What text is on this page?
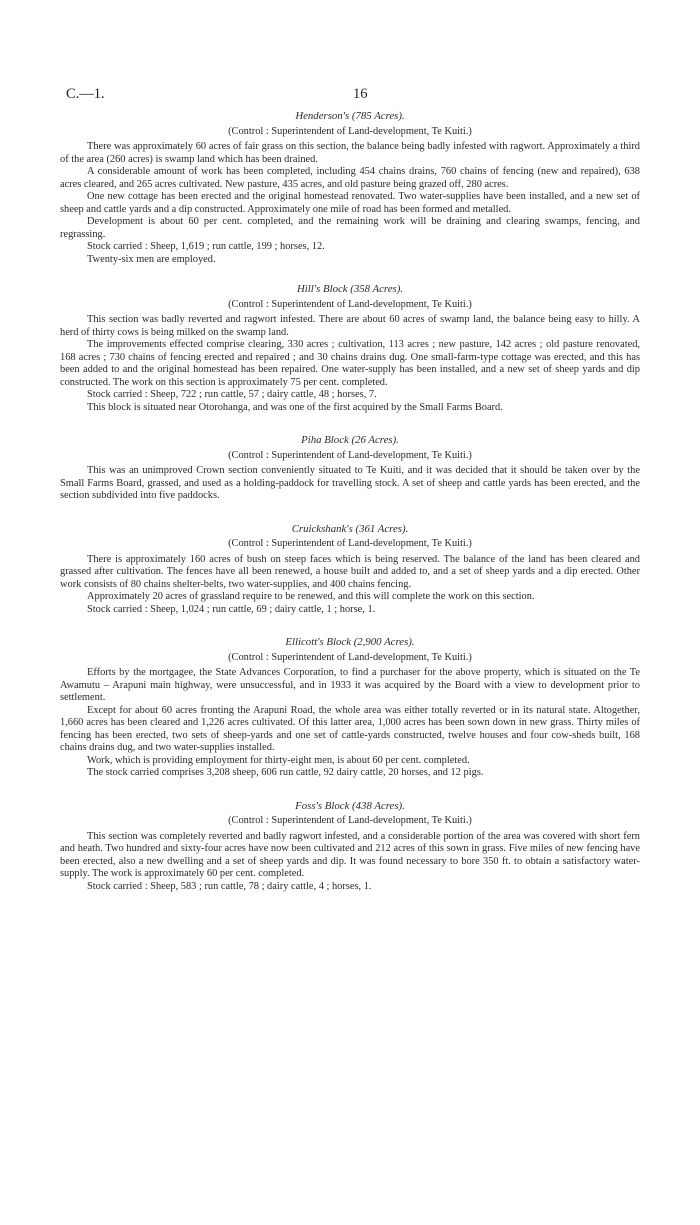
C.—1.	16
Henderson's (785 Acres).
(Control : Superintendent of Land-development, Te Kuiti.)

There was approximately 60 acres of fair grass on this section, the balance being badly infested with ragwort. Approximately a third of the area (260 acres) is swamp land which has been drained.

A considerable amount of work has been completed, including 454 chains drains, 760 chains of fencing (new and repaired), 638 acres cleared, and 265 acres cultivated. New pasture, 435 acres, and old pasture being grazed off, 280 acres.

One new cottage has been erected and the original homestead renovated. Two water-supplies have been installed, and a new set of sheep and cattle yards and a dip constructed. Approximately one mile of road has been formed and metalled.

Development is about 60 per cent. completed, and the remaining work will be draining and clearing swamps, fencing, and regrassing.

Stock carried : Sheep, 1,619 ; run cattle, 199 ; horses, 12.

Twenty-six men are employed.

Hill's Block (358 Acres).
(Control : Superintendent of Land-development, Te Kuiti.)

This section was badly reverted and ragwort infested. There are about 60 acres of swamp land, the balance being easy to hilly. A herd of thirty cows is being milked on the swamp land.

The improvements effected comprise clearing, 330 acres ; cultivation, 113 acres ; new pasture, 142 acres ; old pasture renovated, 168 acres ; 730 chains of fencing erected and repaired ; and 30 chains drains dug. One small-farm-type cottage was erected, and this has been added to and the original homestead has been repaired. One water-supply has been installed, and a new set of sheep yards and dip constructed. The work on this section is approximately 75 per cent. completed.

Stock carried : Sheep, 722 ; run cattle, 57 ; dairy cattle, 48 ; horses, 7.

This block is situated near Otorohanga, and was one of the first acquired by the Small Farms Board.

Piha Block (26 Acres).
(Control : Superintendent of Land-development, Te Kuiti.)

This was an unimproved Crown section conveniently situated to Te Kuiti, and it was decided that it should be taken over by the Small Farms Board, grassed, and used as a holding-paddock for travelling stock. A set of sheep and cattle yards has been erected, and the section subdivided into five paddocks.

Cruickshank's (361 Acres).
(Control : Superintendent of Land-development, Te Kuiti.)

There is approximately 160 acres of bush on steep faces which is being reserved. The balance of the land has been cleared and grassed after cultivation. The fences have all been renewed, a house built and added to, and a set of sheep yards and a dip erected. Other work consists of 80 chains shelter-belts, two water-supplies, and 400 chains fencing.

Approximately 20 acres of grassland require to be renewed, and this will complete the work on this section.

Stock carried : Sheep, 1,024 ; run cattle, 69 ; dairy cattle, 1 ; horse, 1.

Ellicott's Block (2,900 Acres).
(Control : Superintendent of Land-development, Te Kuiti.)

Efforts by the mortgagee, the State Advances Corporation, to find a purchaser for the above property, which is situated on the Te Awamutu – Arapuni main highway, were unsuccessful, and in 1933 it was acquired by the Board with a view to development prior to settlement.

Except for about 60 acres fronting the Arapuni Road, the whole area was either totally reverted or in its natural state. Altogether, 1,660 acres has been cleared and 1,226 acres cultivated. Of this latter area, 1,000 acres has been sown down in new grass. Thirty miles of fencing has been erected, two sets of sheep-yards and one set of cattle-yards constructed, twelve houses and four cow-sheds built, 168 chains drains dug, and two water-supplies installed.

Work, which is providing employment for thirty-eight men, is about 60 per cent. completed.

The stock carried comprises 3,208 sheep, 606 run cattle, 92 dairy cattle, 20 horses, and 12 pigs.

Foss's Block (438 Acres).
(Control : Superintendent of Land-development, Te Kuiti.)

This section was completely reverted and badly ragwort infested, and a considerable portion of the area was covered with short fern and heath. Two hundred and sixty-four acres have now been cultivated and 212 acres of this sown in grass. Five miles of new fencing have been erected, also a new dwelling and a set of sheep yards and dip. It was found necessary to bore 350 ft. to obtain a satisfactory water-supply. The work is approximately 60 per cent. completed.

Stock carried : Sheep, 583 ; run cattle, 78 ; dairy cattle, 4 ; horses, 1.
